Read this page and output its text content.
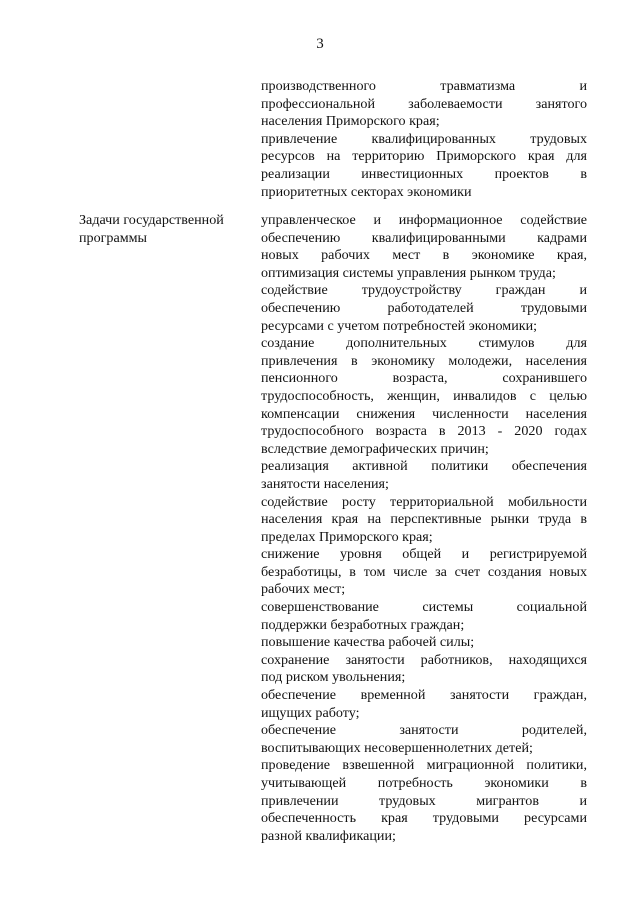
3
производственного травматизма и
профессиональной заболеваемости занятого
населения Приморского края;
привлечение квалифицированных трудовых
ресурсов на территорию Приморского края для
реализации инвестиционных проектов в
приоритетных секторах экономики
Задачи государственной
программы
управленческое и информационное содействие
обеспечению квалифицированными кадрами
новых рабочих мест в экономике края,
оптимизация системы управления рынком труда;
содействие трудоустройству граждан и
обеспечению работодателей трудовыми
ресурсами с учетом потребностей экономики;
создание дополнительных стимулов для
привлечения в экономику молодежи, населения
пенсионного возраста, сохранившего
трудоспособность, женщин, инвалидов с целью
компенсации снижения численности населения
трудоспособного возраста в 2013 - 2020 годах
вследствие демографических причин;
реализация активной политики обеспечения
занятости населения;
содействие росту территориальной мобильности
населения края на перспективные рынки труда в
пределах Приморского края;
снижение уровня общей и регистрируемой
безработицы, в том числе за счет создания новых
рабочих мест;
совершенствование системы социальной
поддержки безработных граждан;
повышение качества рабочей силы;
сохранение занятости работников, находящихся
под риском увольнения;
обеспечение временной занятости граждан,
ищущих работу;
обеспечение занятости родителей,
воспитывающих несовершеннолетних детей;
проведение взвешенной миграционной политики,
учитывающей потребность экономики в
привлечении трудовых мигрантов и
обеспеченность края трудовыми ресурсами
разной квалификации;
